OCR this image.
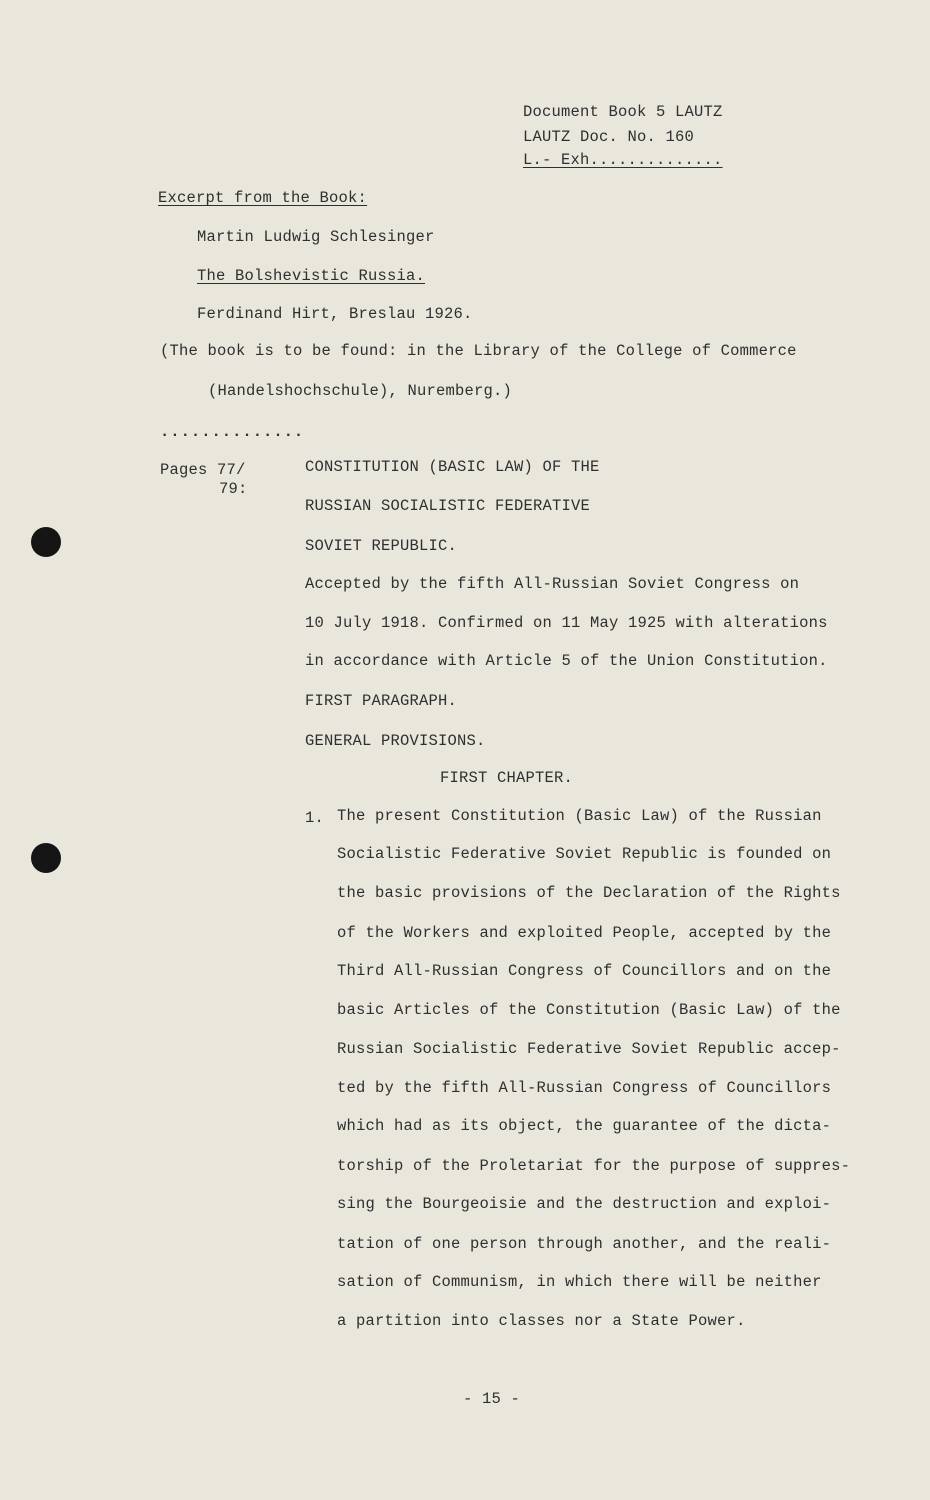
Document Book 5 LAUTZ
LAUTZ Doc. No. 160
L.- Exh..............
Excerpt from the Book:
Martin Ludwig Schlesinger
The Bolshevistic Russia.
Ferdinand Hirt, Breslau 1926.
(The book is to be found: in the Library of the College of Commerce
(Handelshochschule), Nuremberg.)
..............
Pages 77/
79:
CONSTITUTION (BASIC LAW) OF THE
RUSSIAN SOCIALISTIC FEDERATIVE
SOVIET REPUBLIC.
Accepted by the fifth All-Russian Soviet Congress on
10 July 1918. Confirmed on 11 May 1925 with alterations
in accordance with Article 5 of the Union Constitution.
FIRST PARAGRAPH.
GENERAL PROVISIONS.
FIRST CHAPTER.
1. The present Constitution (Basic Law) of the Russian
Socialistic Federative Soviet Republic is founded on
the basic provisions of the Declaration of the Rights
of the Workers and exploited People, accepted by the
Third All-Russian Congress of Councillors and on the
basic Articles of the Constitution (Basic Law) of the
Russian Socialistic Federative Soviet Republic accep-
ted by the fifth All-Russian Congress of Councillors
which had as its object, the guarantee of the dicta-
torship of the Proletariat for the purpose of suppres-
sing the Bourgeoisie and the destruction and exploi-
tation of one person through another, and the reali-
sation of Communism, in which there will be neither
a partition into classes nor a State Power.
- 15 -
